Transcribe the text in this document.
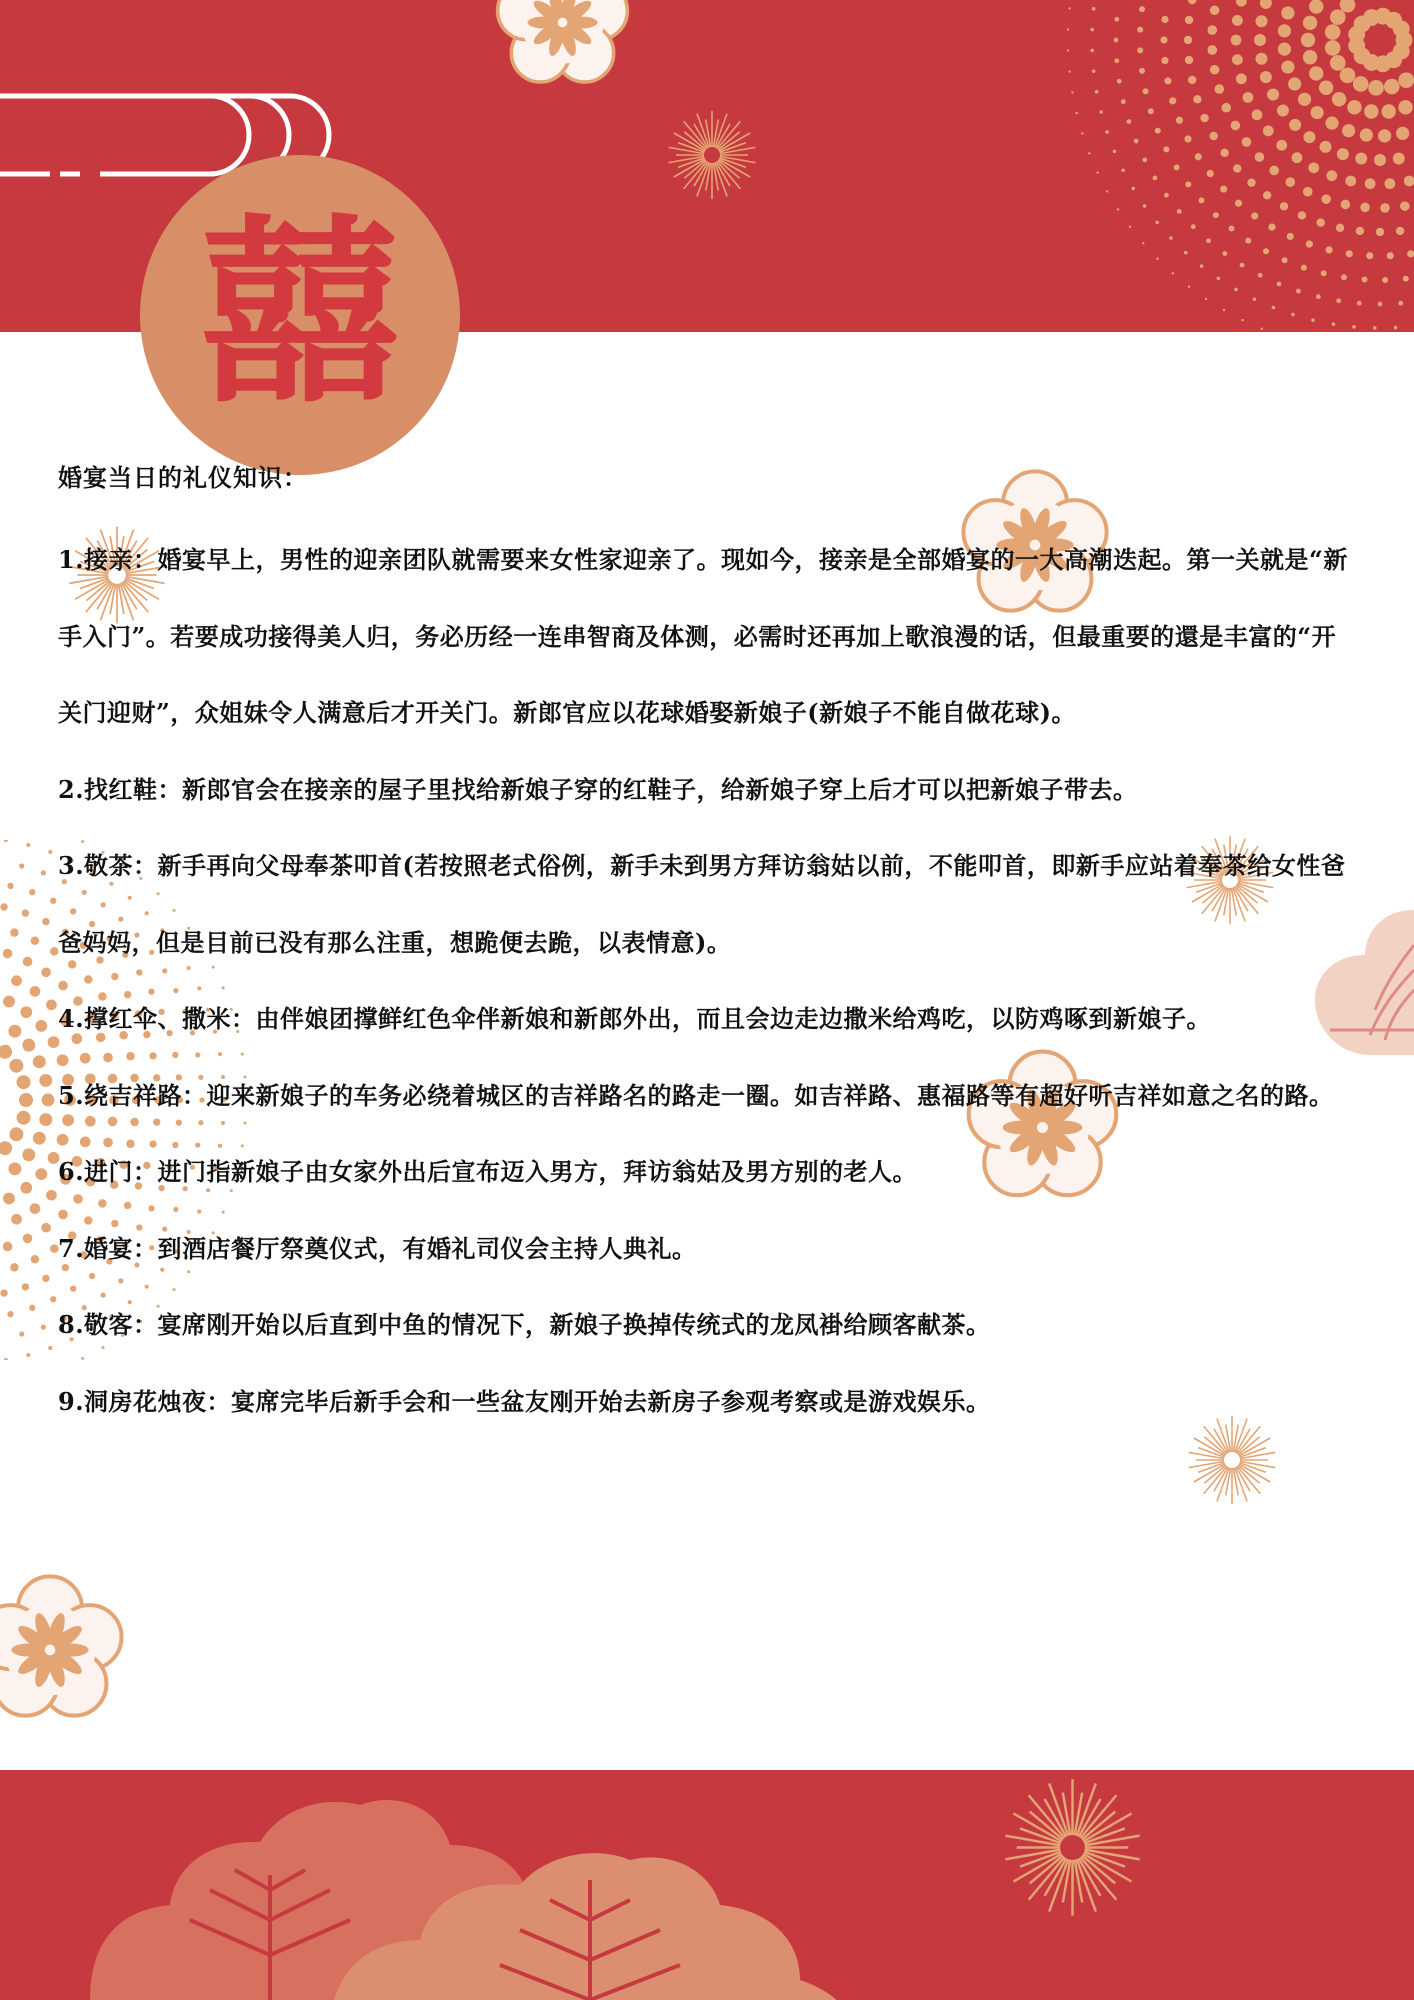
囍
婚宴当日的礼仪知识：

1.接亲：婚宴早上，男性的迎亲团队就需要来女性家迎亲了。现如今，接亲是全部婚宴的一大高潮迭起。第一关就是“新手入门”。若要成功接得美人归，务必历经一连串智商及体测，必需时还再加上歌浪漫的话，但最重要的還是丰富的“开关门迎财”，众姐妹令人满意后才开关门。新郎官应以花球婚娶新娘子(新娘子不能自做花球)。

2.找红鞋：新郎官会在接亲的屋子里找给新娘子穿的红鞋子，给新娘子穿上后才可以把新娘子带去。

3.敬茶：新手再向父母奉茶叩首(若按照老式俗例，新手未到男方拜访翁姑以前，不能叩首，即新手应站着奉茶给女性爸爸妈妈，但是目前已没有那么注重，想跪便去跪，以表情意)。

4.撑红伞、撒米：由伴娘团撑鲜红色伞伴新娘和新郎外出，而且会边走边撒米给鸡吃，以防鸡啄到新娘子。

5.绕吉祥路：迎来新娘子的车务必绕着城区的吉祥路名的路走一圈。如吉祥路、惠福路等有超好听吉祥如意之名的路。

6.进门：进门指新娘子由女家外出后宣布迈入男方，拜访翁姑及男方别的老人。

7.婚宴：到酒店餐厅祭奠仪式，有婚礼司仪会主持人典礼。

8.敬客：宴席刚开始以后直到中鱼的情况下，新娘子换掉传统式的龙凤褂给顾客献茶。

9.洞房花烛夜：宴席完毕后新手会和一些盆友刚开始去新房子参观考察或是游戏娱乐。
